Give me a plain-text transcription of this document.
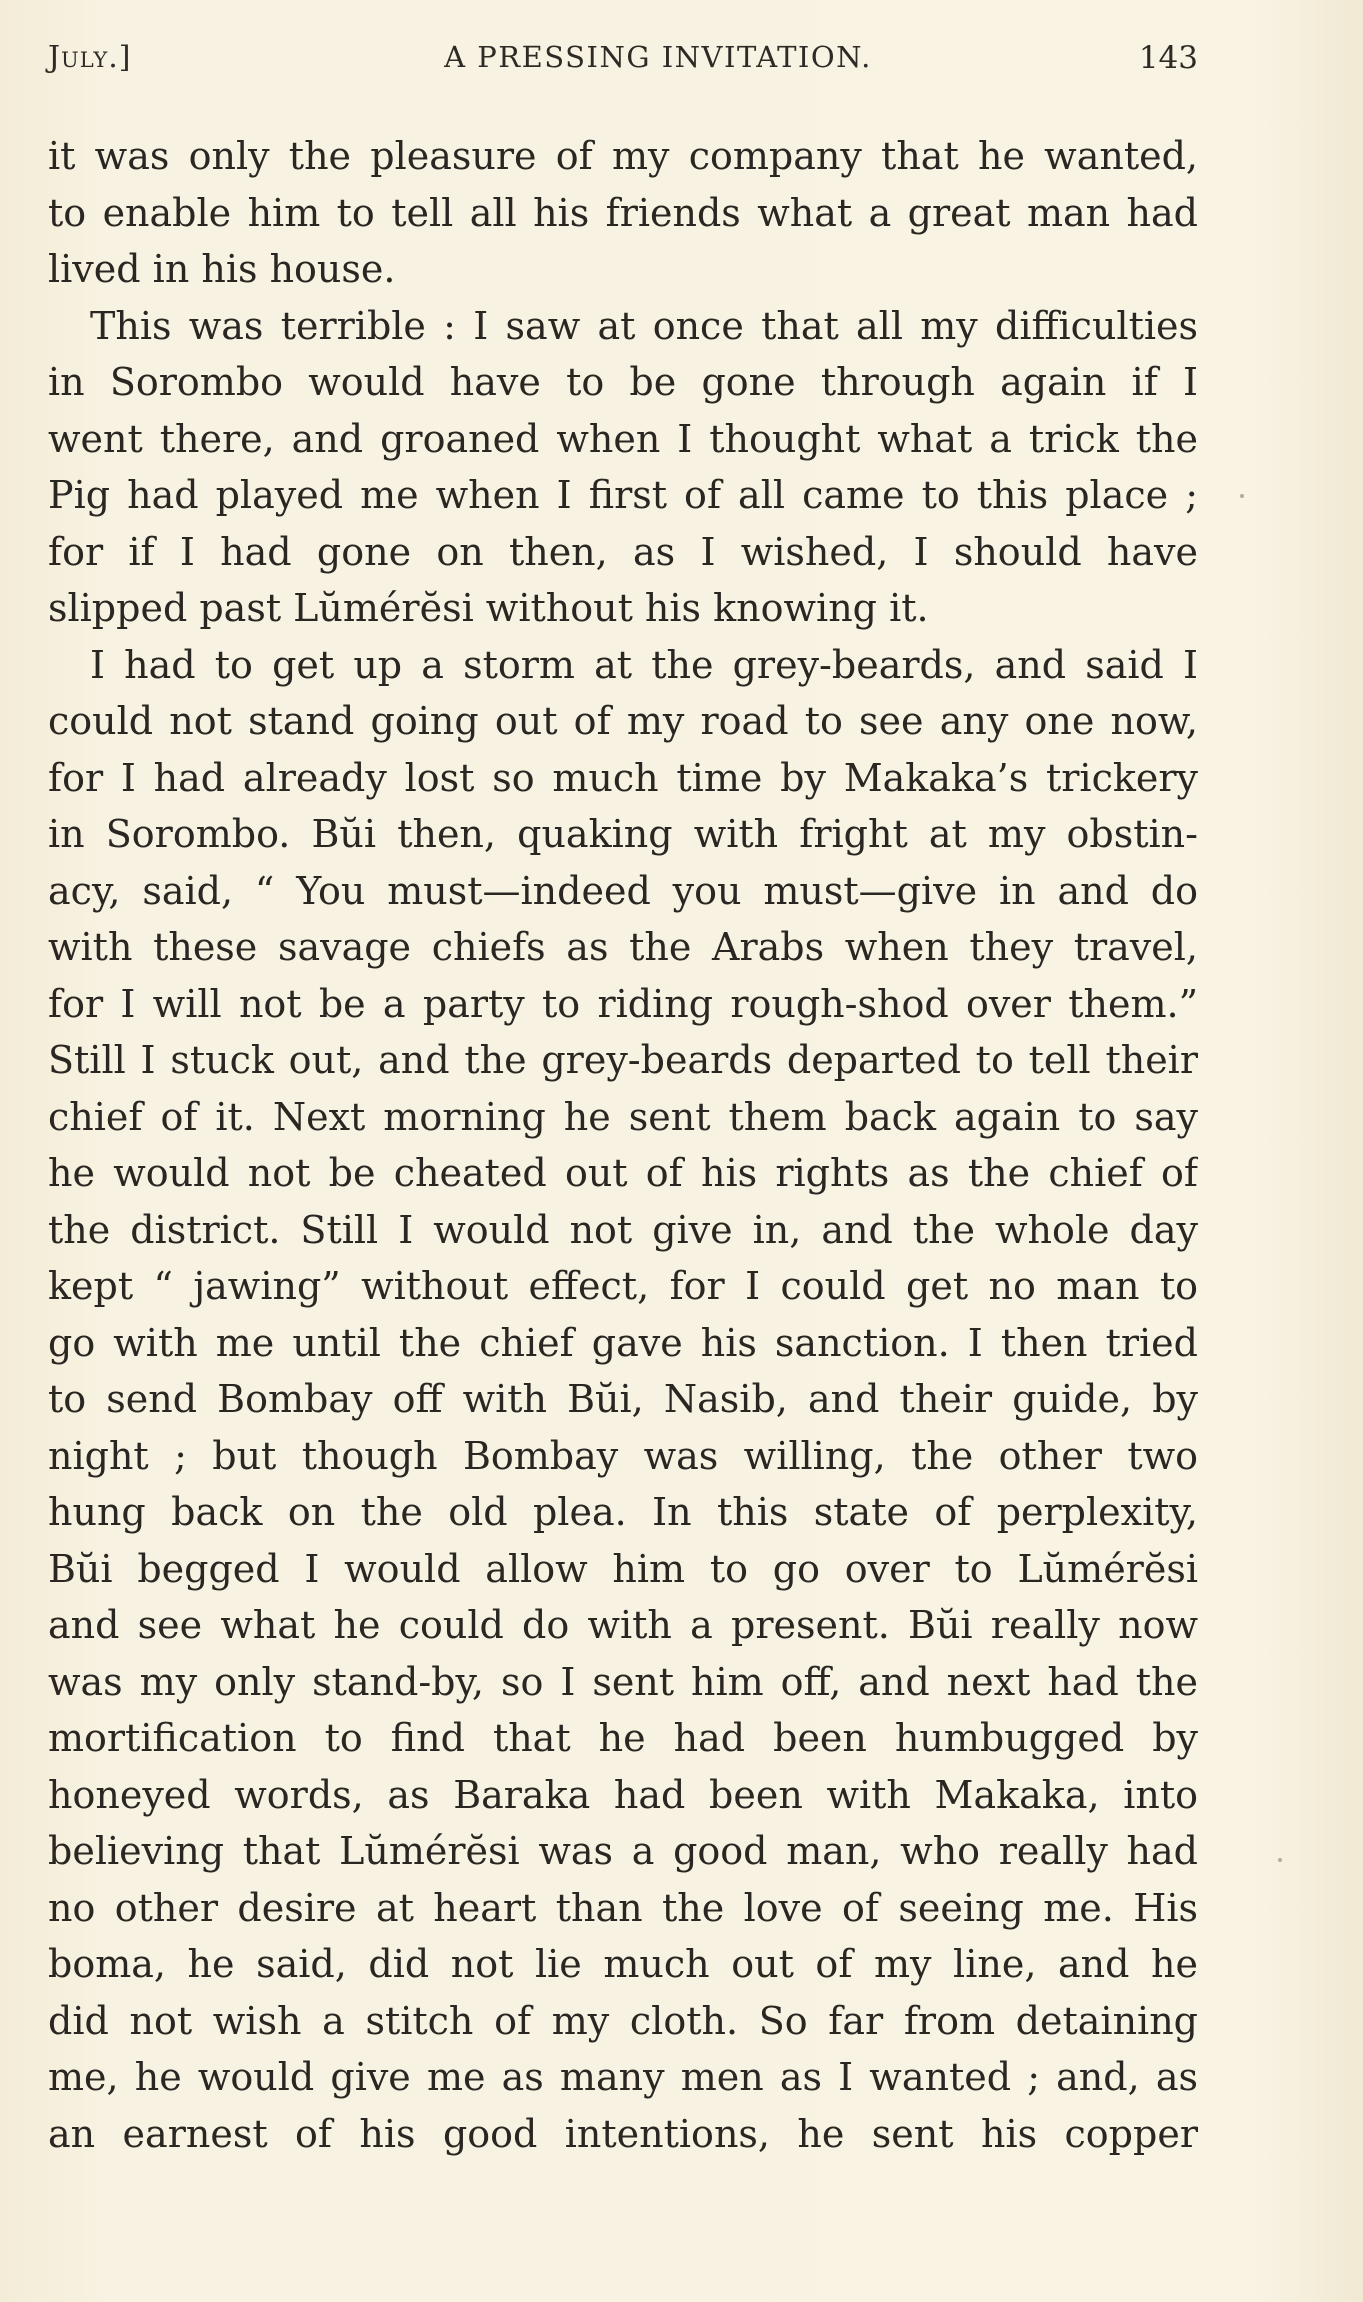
July.]	A PRESSING INVITATION.	143
it was only the pleasure of my company that he wanted,
to enable him to tell all his friends what a great man had
lived in his house.
This was terrible : I saw at once that all my difficulties
in Sorombo would have to be gone through again if I
went there, and groaned when I thought what a trick the
Pig had played me when I first of all came to this place ;
for if I had gone on then, as I wished, I should have
slipped past Lŭmérĕsi without his knowing it.
I had to get up a storm at the grey-beards, and said I
could not stand going out of my road to see any one now,
for I had already lost so much time by Makaka’s trickery
in Sorombo. Bŭi then, quaking with fright at my obstin-
acy, said, “ You must—indeed you must—give in and do
with these savage chiefs as the Arabs when they travel,
for I will not be a party to riding rough-shod over them.”
Still I stuck out, and the grey-beards departed to tell their
chief of it. Next morning he sent them back again to say
he would not be cheated out of his rights as the chief of
the district. Still I would not give in, and the whole day
kept “ jawing” without effect, for I could get no man to
go with me until the chief gave his sanction. I then tried
to send Bombay off with Bŭi, Nasib, and their guide, by
night ; but though Bombay was willing, the other two
hung back on the old plea. In this state of perplexity,
Bŭi begged I would allow him to go over to Lŭmérĕsi
and see what he could do with a present. Bŭi really now
was my only stand-by, so I sent him off, and next had the
mortification to find that he had been humbugged by
honeyed words, as Baraka had been with Makaka, into
believing that Lŭmérĕsi was a good man, who really had
no other desire at heart than the love of seeing me. His
boma, he said, did not lie much out of my line, and he
did not wish a stitch of my cloth. So far from detaining
me, he would give me as many men as I wanted ; and, as
an earnest of his good intentions, he sent his copper
